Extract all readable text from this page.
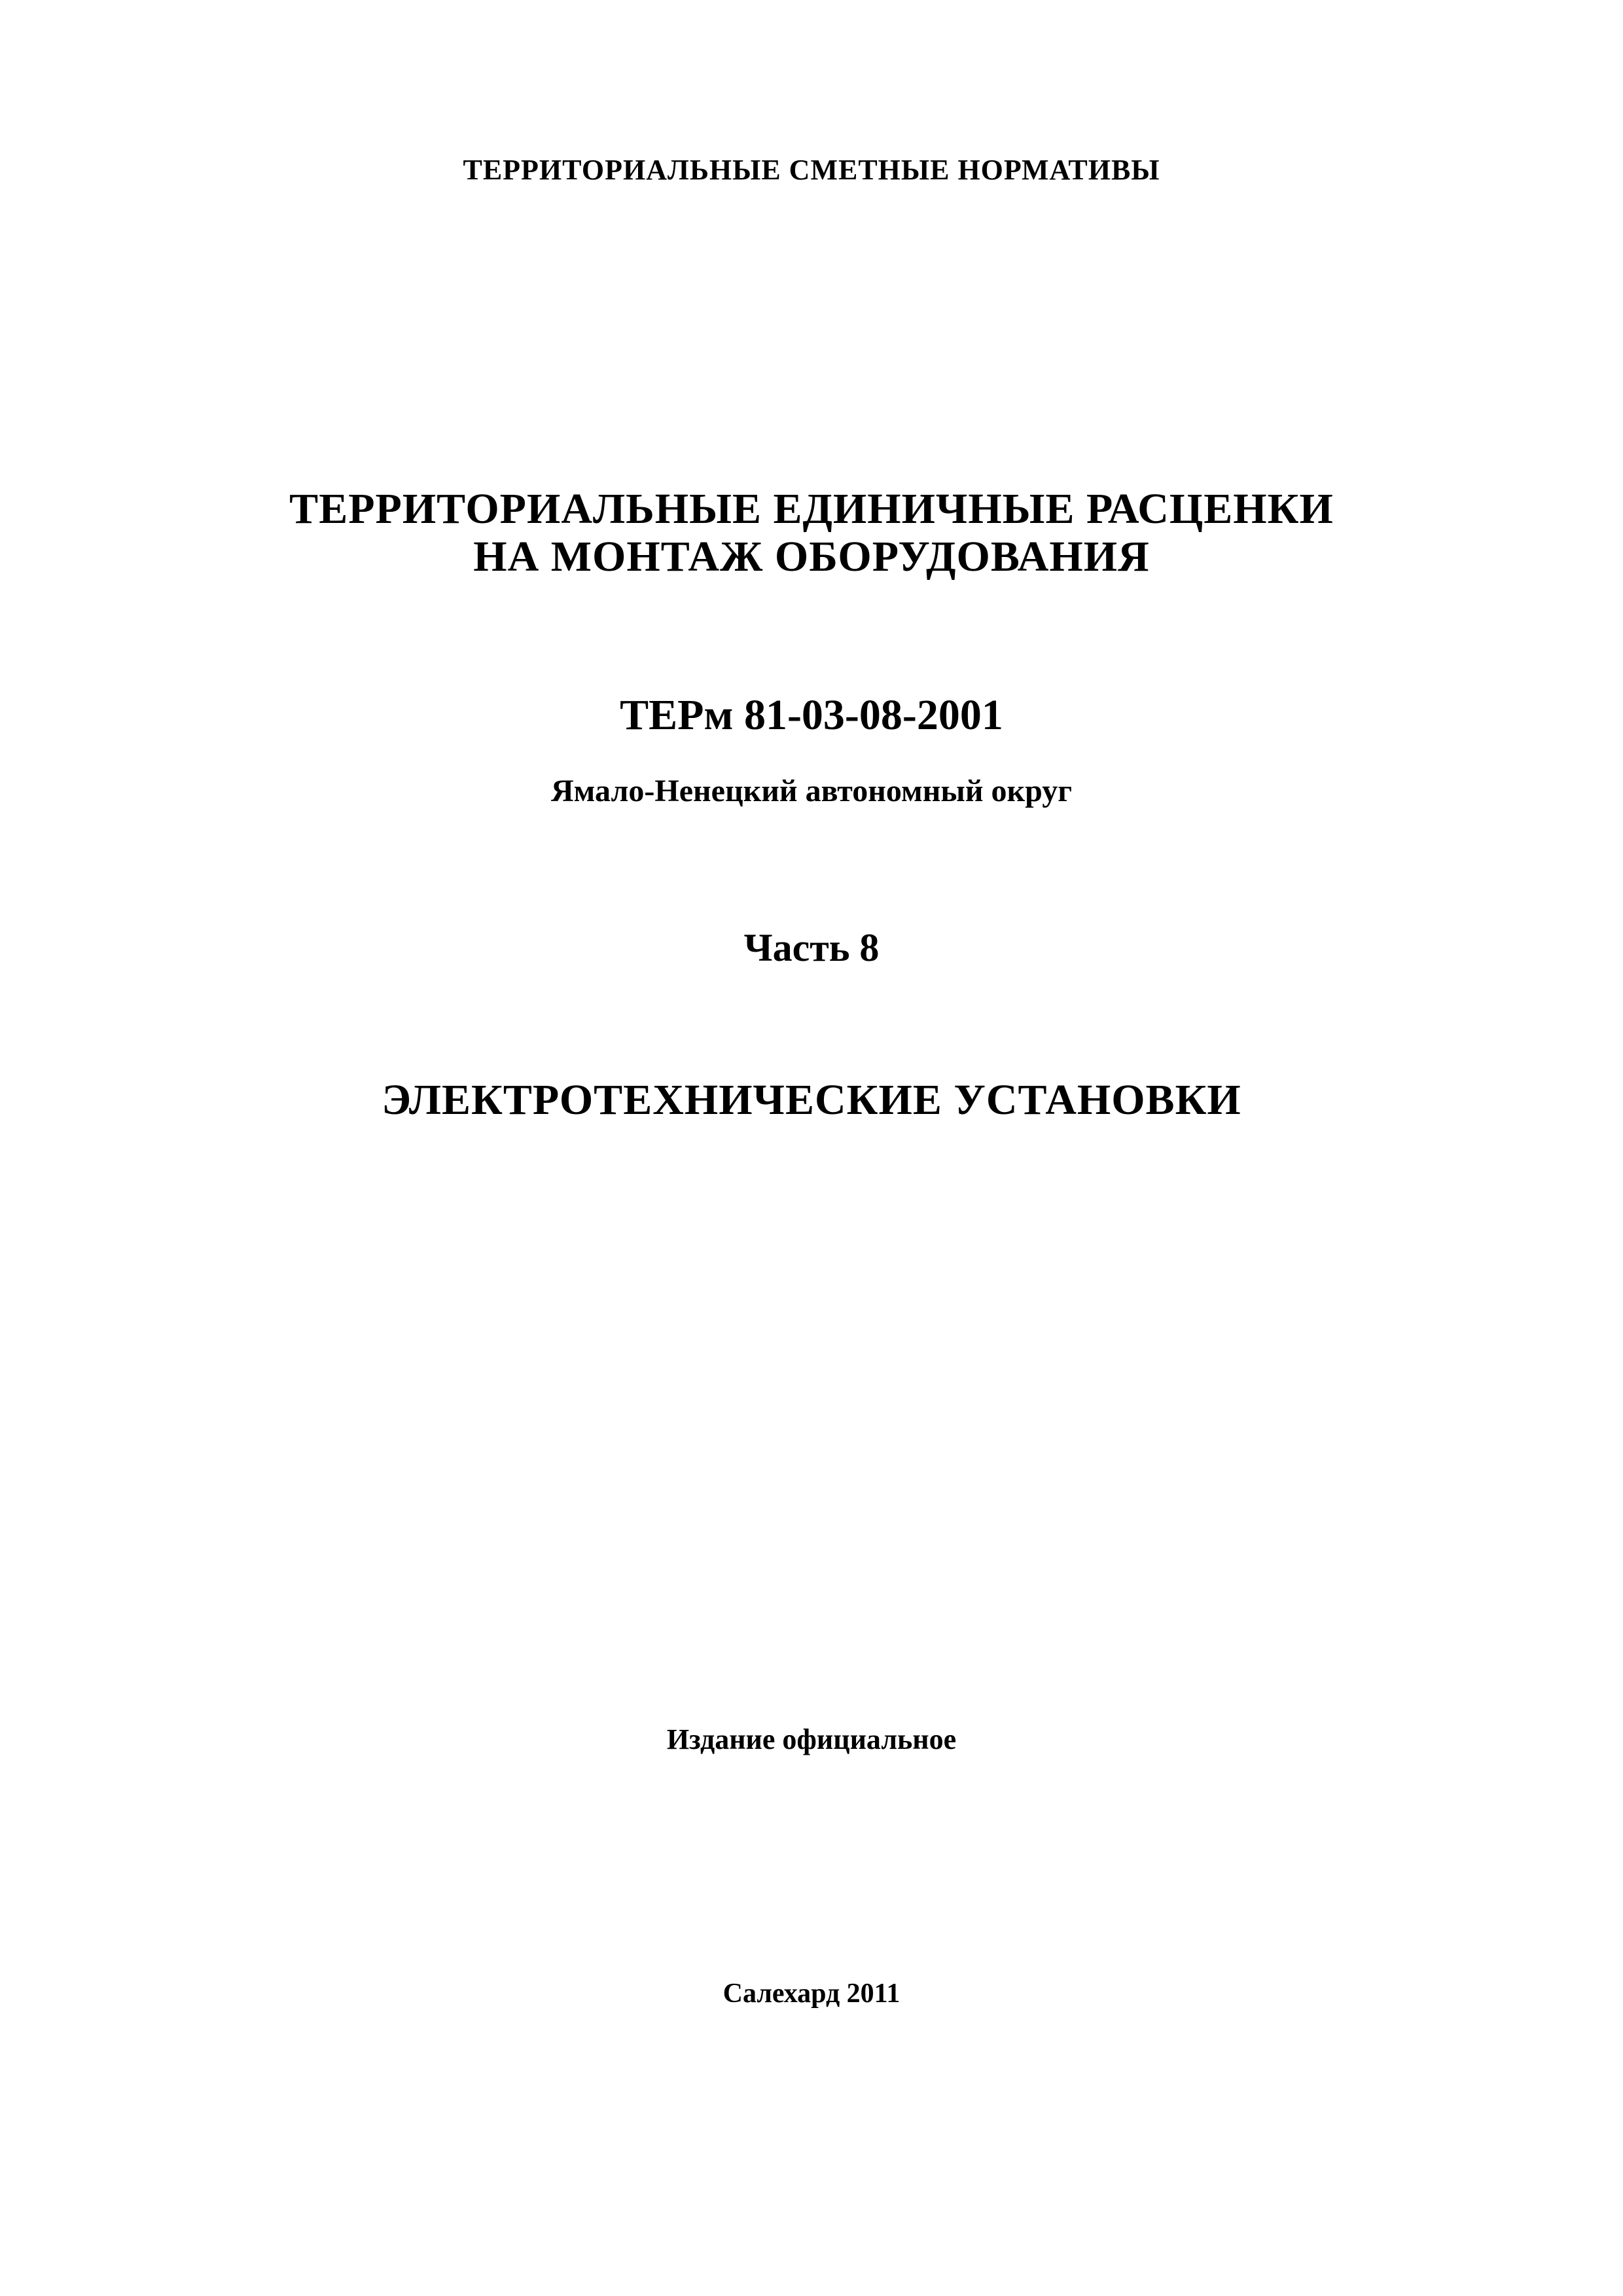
ТЕРРИТОРИАЛЬНЫЕ СМЕТНЫЕ НОРМАТИВЫ
ТЕРРИТОРИАЛЬНЫЕ ЕДИНИЧНЫЕ РАСЦЕНКИ
НА МОНТАЖ ОБОРУДОВАНИЯ
ТЕРм 81-03-08-2001
Ямало-Ненецкий автономный округ
Часть 8
ЭЛЕКТРОТЕХНИЧЕСКИЕ УСТАНОВКИ
Издание официальное
Салехард 2011
